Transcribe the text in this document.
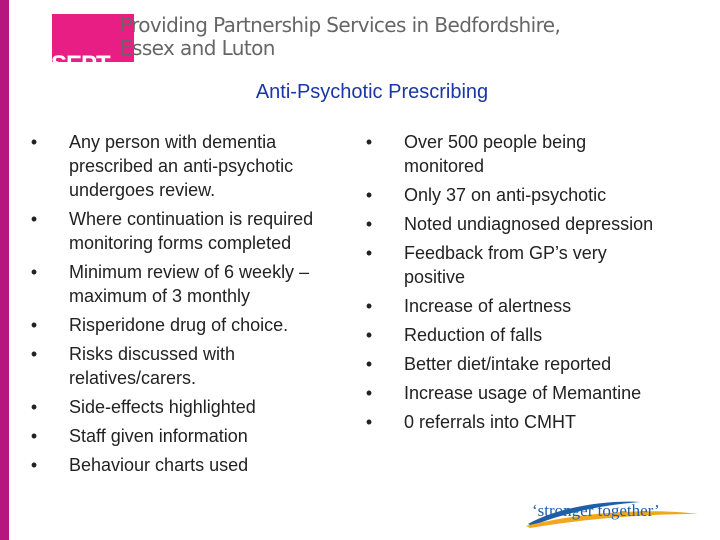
SEPT
Providing Partnership Services in Bedfordshire,
Essex and Luton
Anti-Psychotic Prescribing
• Any person with dementia prescribed an anti-psychotic undergoes review.
• Where continuation is required monitoring forms completed
• Minimum review of 6 weekly – maximum of 3 monthly
• Risperidone drug of choice.
• Risks discussed with relatives/carers.
• Side-effects highlighted
• Staff given information
• Behaviour charts used
• Over 500 people being monitored
• Only 37 on anti-psychotic
• Noted undiagnosed depression
• Feedback from GP’s very positive
• Increase of alertness
• Reduction of falls
• Better diet/intake reported
• Increase usage of Memantine
• 0 referrals into CMHT
‘stronger together’
